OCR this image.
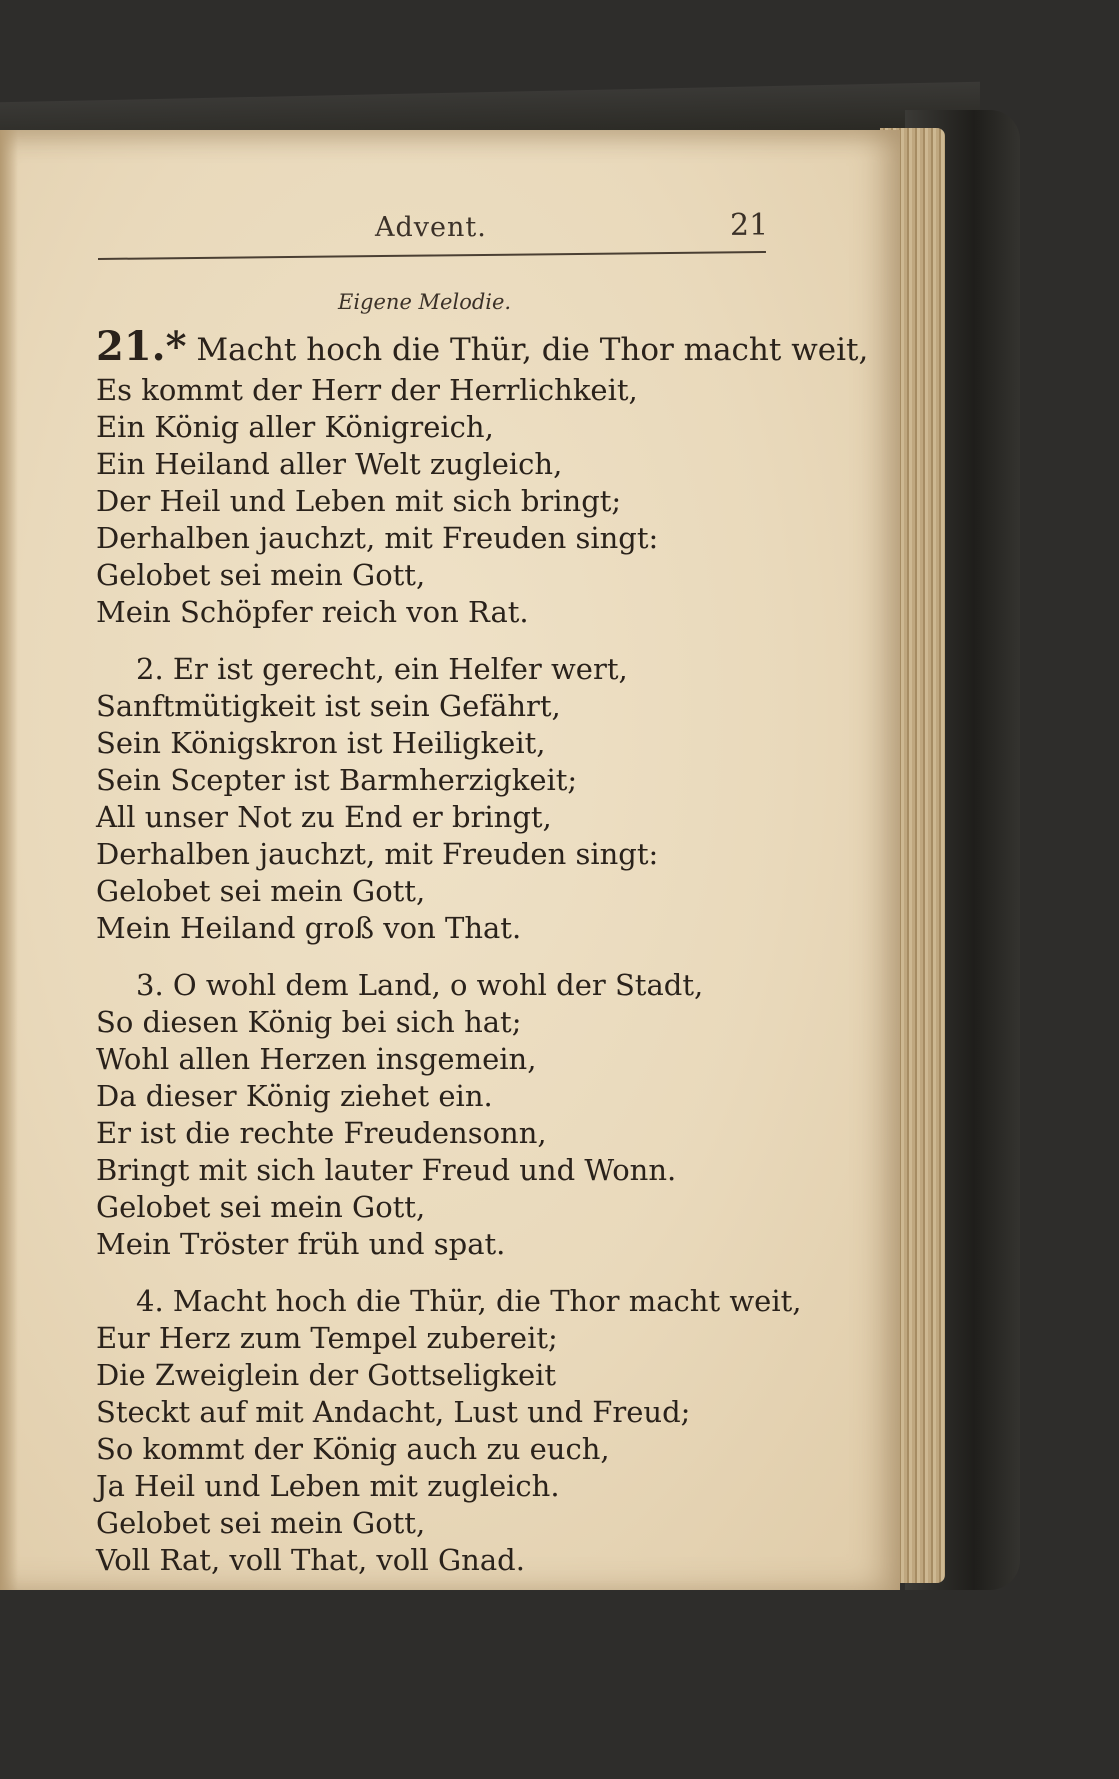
Advent.	21
Eigene Melodie.
21.* Macht hoch die Thür, die Thor macht weit,
Es kommt der Herr der Herrlichkeit,
Ein König aller Königreich,
Ein Heiland aller Welt zugleich,
Der Heil und Leben mit sich bringt;
Derhalben jauchzt, mit Freuden singt:
Gelobet sei mein Gott,
Mein Schöpfer reich von Rat.
2. Er ist gerecht, ein Helfer wert,
Sanftmütigkeit ist sein Gefährt,
Sein Königskron ist Heiligkeit,
Sein Scepter ist Barmherzigkeit;
All unser Not zu End er bringt,
Derhalben jauchzt, mit Freuden singt:
Gelobet sei mein Gott,
Mein Heiland groß von That.
3. O wohl dem Land, o wohl der Stadt,
So diesen König bei sich hat;
Wohl allen Herzen insgemein,
Da dieser König ziehet ein.
Er ist die rechte Freudensonn,
Bringt mit sich lauter Freud und Wonn.
Gelobet sei mein Gott,
Mein Tröster früh und spat.
4. Macht hoch die Thür, die Thor macht weit,
Eur Herz zum Tempel zubereit;
Die Zweiglein der Gottseligkeit
Steckt auf mit Andacht, Lust und Freud;
So kommt der König auch zu euch,
Ja Heil und Leben mit zugleich.
Gelobet sei mein Gott,
Voll Rat, voll That, voll Gnad.
